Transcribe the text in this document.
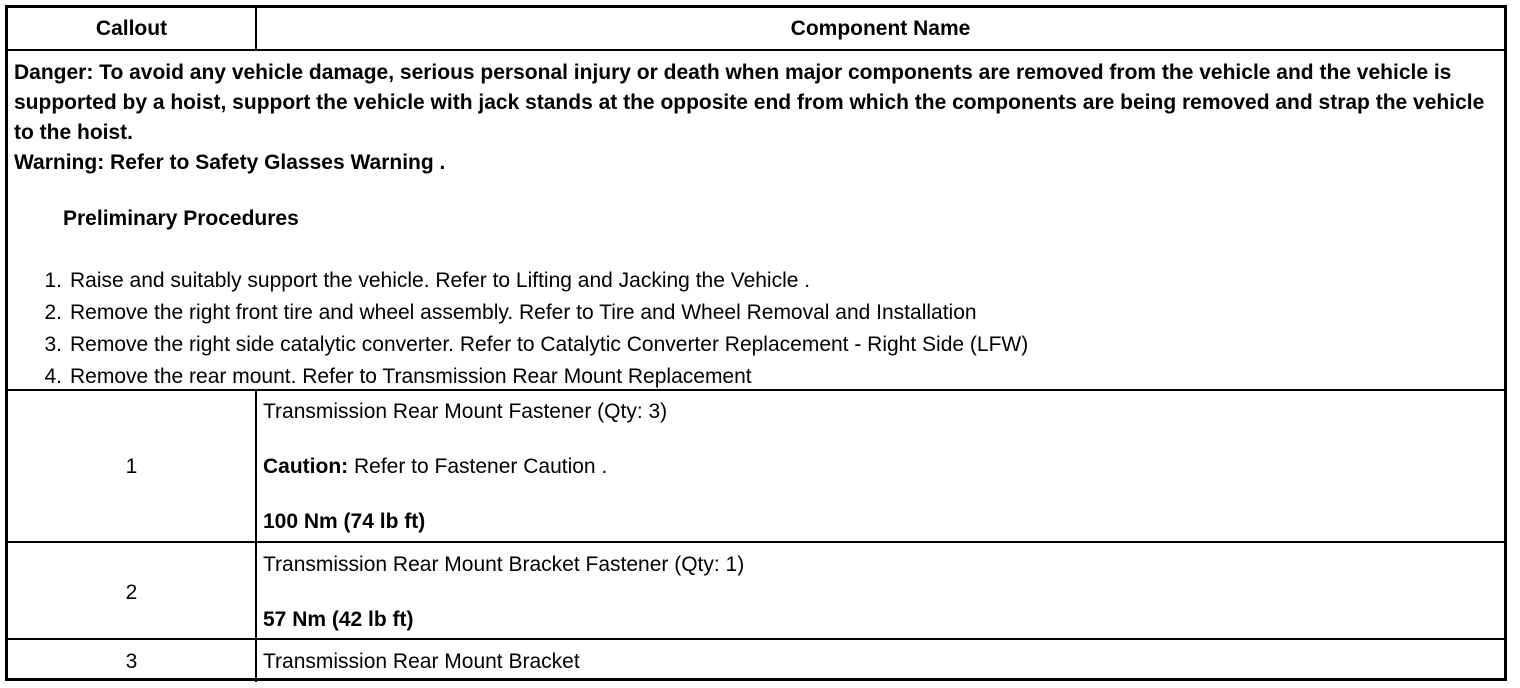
Callout	Component Name
Danger: To avoid any vehicle damage, serious personal injury or death when major components are removed from the vehicle and the vehicle is supported by a hoist, support the vehicle with jack stands at the opposite end from which the components are being removed and strap the vehicle to the hoist.
Warning: Refer to Safety Glasses Warning .
Preliminary Procedures
1. Raise and suitably support the vehicle. Refer to Lifting and Jacking the Vehicle .
2. Remove the right front tire and wheel assembly. Refer to Tire and Wheel Removal and Installation
3. Remove the right side catalytic converter. Refer to Catalytic Converter Replacement - Right Side (LFW)
4. Remove the rear mount. Refer to Transmission Rear Mount Replacement
1
Transmission Rear Mount Fastener (Qty: 3)
Caution: Refer to Fastener Caution .
100 Nm (74 lb ft)
2
Transmission Rear Mount Bracket Fastener (Qty: 1)
57 Nm (42 lb ft)
3	Transmission Rear Mount Bracket
